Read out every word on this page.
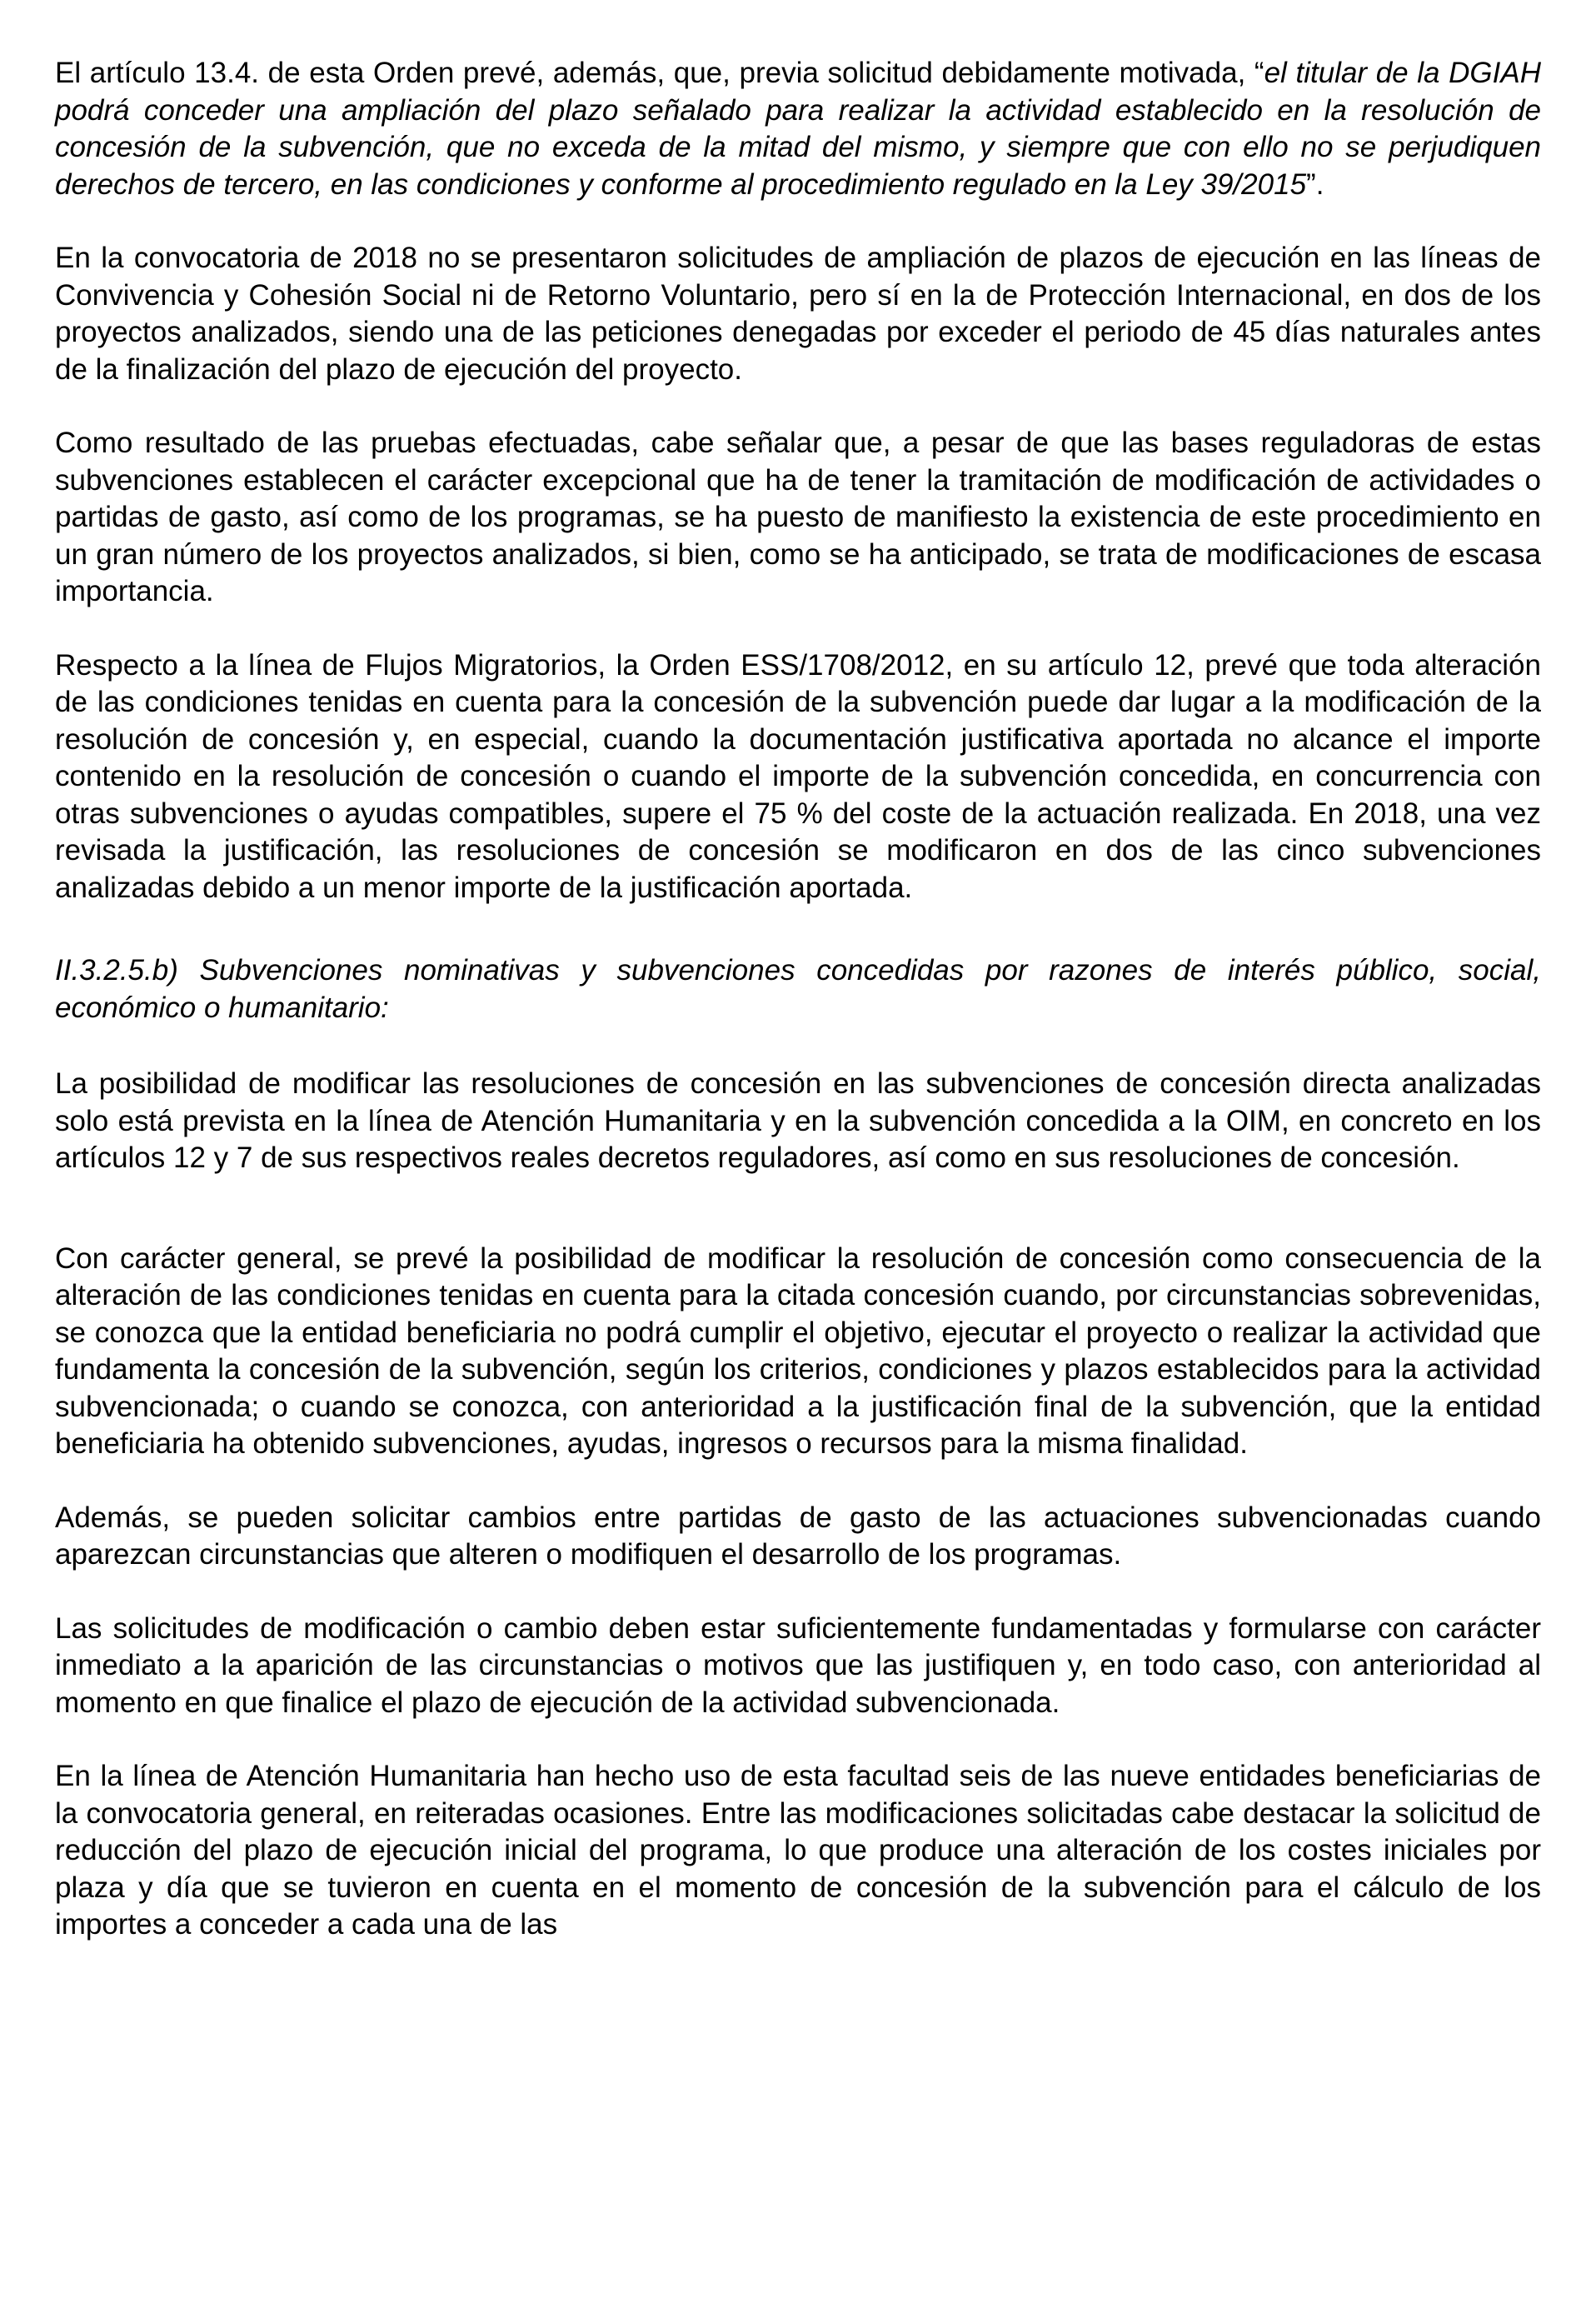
El artículo 13.4. de esta Orden prevé, además, que, previa solicitud debidamente motivada, “el titular de la DGIAH podrá conceder una ampliación del plazo señalado para realizar la actividad establecido en la resolución de concesión de la subvención, que no exceda de la mitad del mismo, y siempre que con ello no se perjudiquen derechos de tercero, en las condiciones y conforme al procedimiento regulado en la Ley 39/2015”.

En la convocatoria de 2018 no se presentaron solicitudes de ampliación de plazos de ejecución en las líneas de Convivencia y Cohesión Social ni de Retorno Voluntario, pero sí en la de Protección Internacional, en dos de los proyectos analizados, siendo una de las peticiones denegadas por exceder el periodo de 45 días naturales antes de la finalización del plazo de ejecución del proyecto.

Como resultado de las pruebas efectuadas, cabe señalar que, a pesar de que las bases reguladoras de estas subvenciones establecen el carácter excepcional que ha de tener la tramitación de modificación de actividades o partidas de gasto, así como de los programas, se ha puesto de manifiesto la existencia de este procedimiento en un gran número de los proyectos analizados, si bien, como se ha anticipado, se trata de modificaciones de escasa importancia.

Respecto a la línea de Flujos Migratorios, la Orden ESS/1708/2012, en su artículo 12, prevé que toda alteración de las condiciones tenidas en cuenta para la concesión de la subvención puede dar lugar a la modificación de la resolución de concesión y, en especial, cuando la documentación justificativa aportada no alcance el importe contenido en la resolución de concesión o cuando el importe de la subvención concedida, en concurrencia con otras subvenciones o ayudas compatibles, supere el 75 % del coste de la actuación realizada. En 2018, una vez revisada la justificación, las resoluciones de concesión se modificaron en dos de las cinco subvenciones analizadas debido a un menor importe de la justificación aportada.

II.3.2.5.b) Subvenciones nominativas y subvenciones concedidas por razones de interés público, social, económico o humanitario:

La posibilidad de modificar las resoluciones de concesión en las subvenciones de concesión directa analizadas solo está prevista en la línea de Atención Humanitaria y en la subvención concedida a la OIM, en concreto en los artículos 12 y 7 de sus respectivos reales decretos reguladores, así como en sus resoluciones de concesión.

Con carácter general, se prevé la posibilidad de modificar la resolución de concesión como consecuencia de la alteración de las condiciones tenidas en cuenta para la citada concesión cuando, por circunstancias sobrevenidas, se conozca que la entidad beneficiaria no podrá cumplir el objetivo, ejecutar el proyecto o realizar la actividad que fundamenta la concesión de la subvención, según los criterios, condiciones y plazos establecidos para la actividad subvencionada; o cuando se conozca, con anterioridad a la justificación final de la subvención, que la entidad beneficiaria ha obtenido subvenciones, ayudas, ingresos o recursos para la misma finalidad.

Además, se pueden solicitar cambios entre partidas de gasto de las actuaciones subvencionadas cuando aparezcan circunstancias que alteren o modifiquen el desarrollo de los programas.

Las solicitudes de modificación o cambio deben estar suficientemente fundamentadas y formularse con carácter inmediato a la aparición de las circunstancias o motivos que las justifiquen y, en todo caso, con anterioridad al momento en que finalice el plazo de ejecución de la actividad subvencionada.

En la línea de Atención Humanitaria han hecho uso de esta facultad seis de las nueve entidades beneficiarias de la convocatoria general, en reiteradas ocasiones. Entre las modificaciones solicitadas cabe destacar la solicitud de reducción del plazo de ejecución inicial del programa, lo que produce una alteración de los costes iniciales por plaza y día que se tuvieron en cuenta en el momento de concesión de la subvención para el cálculo de los importes a conceder a cada una de las
